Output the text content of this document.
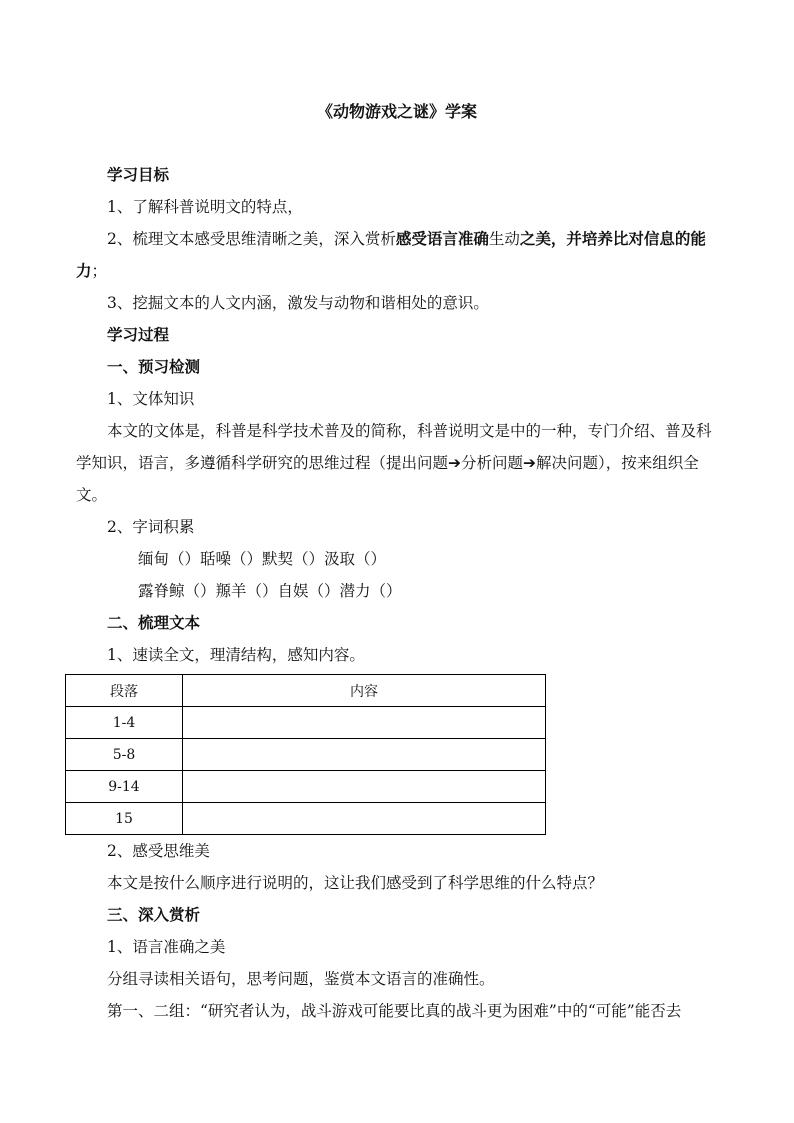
《动物游戏之谜》学案
学习目标
1、了解科普说明文的特点，
2、梳理文本感受思维清晰之美，深入赏析感受语言准确生动之美，并培养比对信息的能
力；
3、挖掘文本的人文内涵，激发与动物和谐相处的意识。
学习过程
一、预习检测
1、文体知识
本文的文体是，科普是科学技术普及的简称，科普说明文是中的一种，专门介绍、普及科
学知识，语言，多遵循科学研究的思维过程（提出问题➔分析问题➔解决问题），按来组织全
文。
2、字词积累
缅甸（）聒噪（）默契（）汲取（）
露脊鲸（）羱羊（）自娱（）潜力（）
二、梳理文本
1、速读全文，理清结构，感知内容。
段落	内容
1-4	
5-8	
9-14	
15	
2、感受思维美
本文是按什么顺序进行说明的，这让我们感受到了科学思维的什么特点？
三、深入赏析
1、语言准确之美
分组寻读相关语句，思考问题，鉴赏本文语言的准确性。
第一、二组：“研究者认为，战斗游戏可能要比真的战斗更为困难”中的“可能”能否去
